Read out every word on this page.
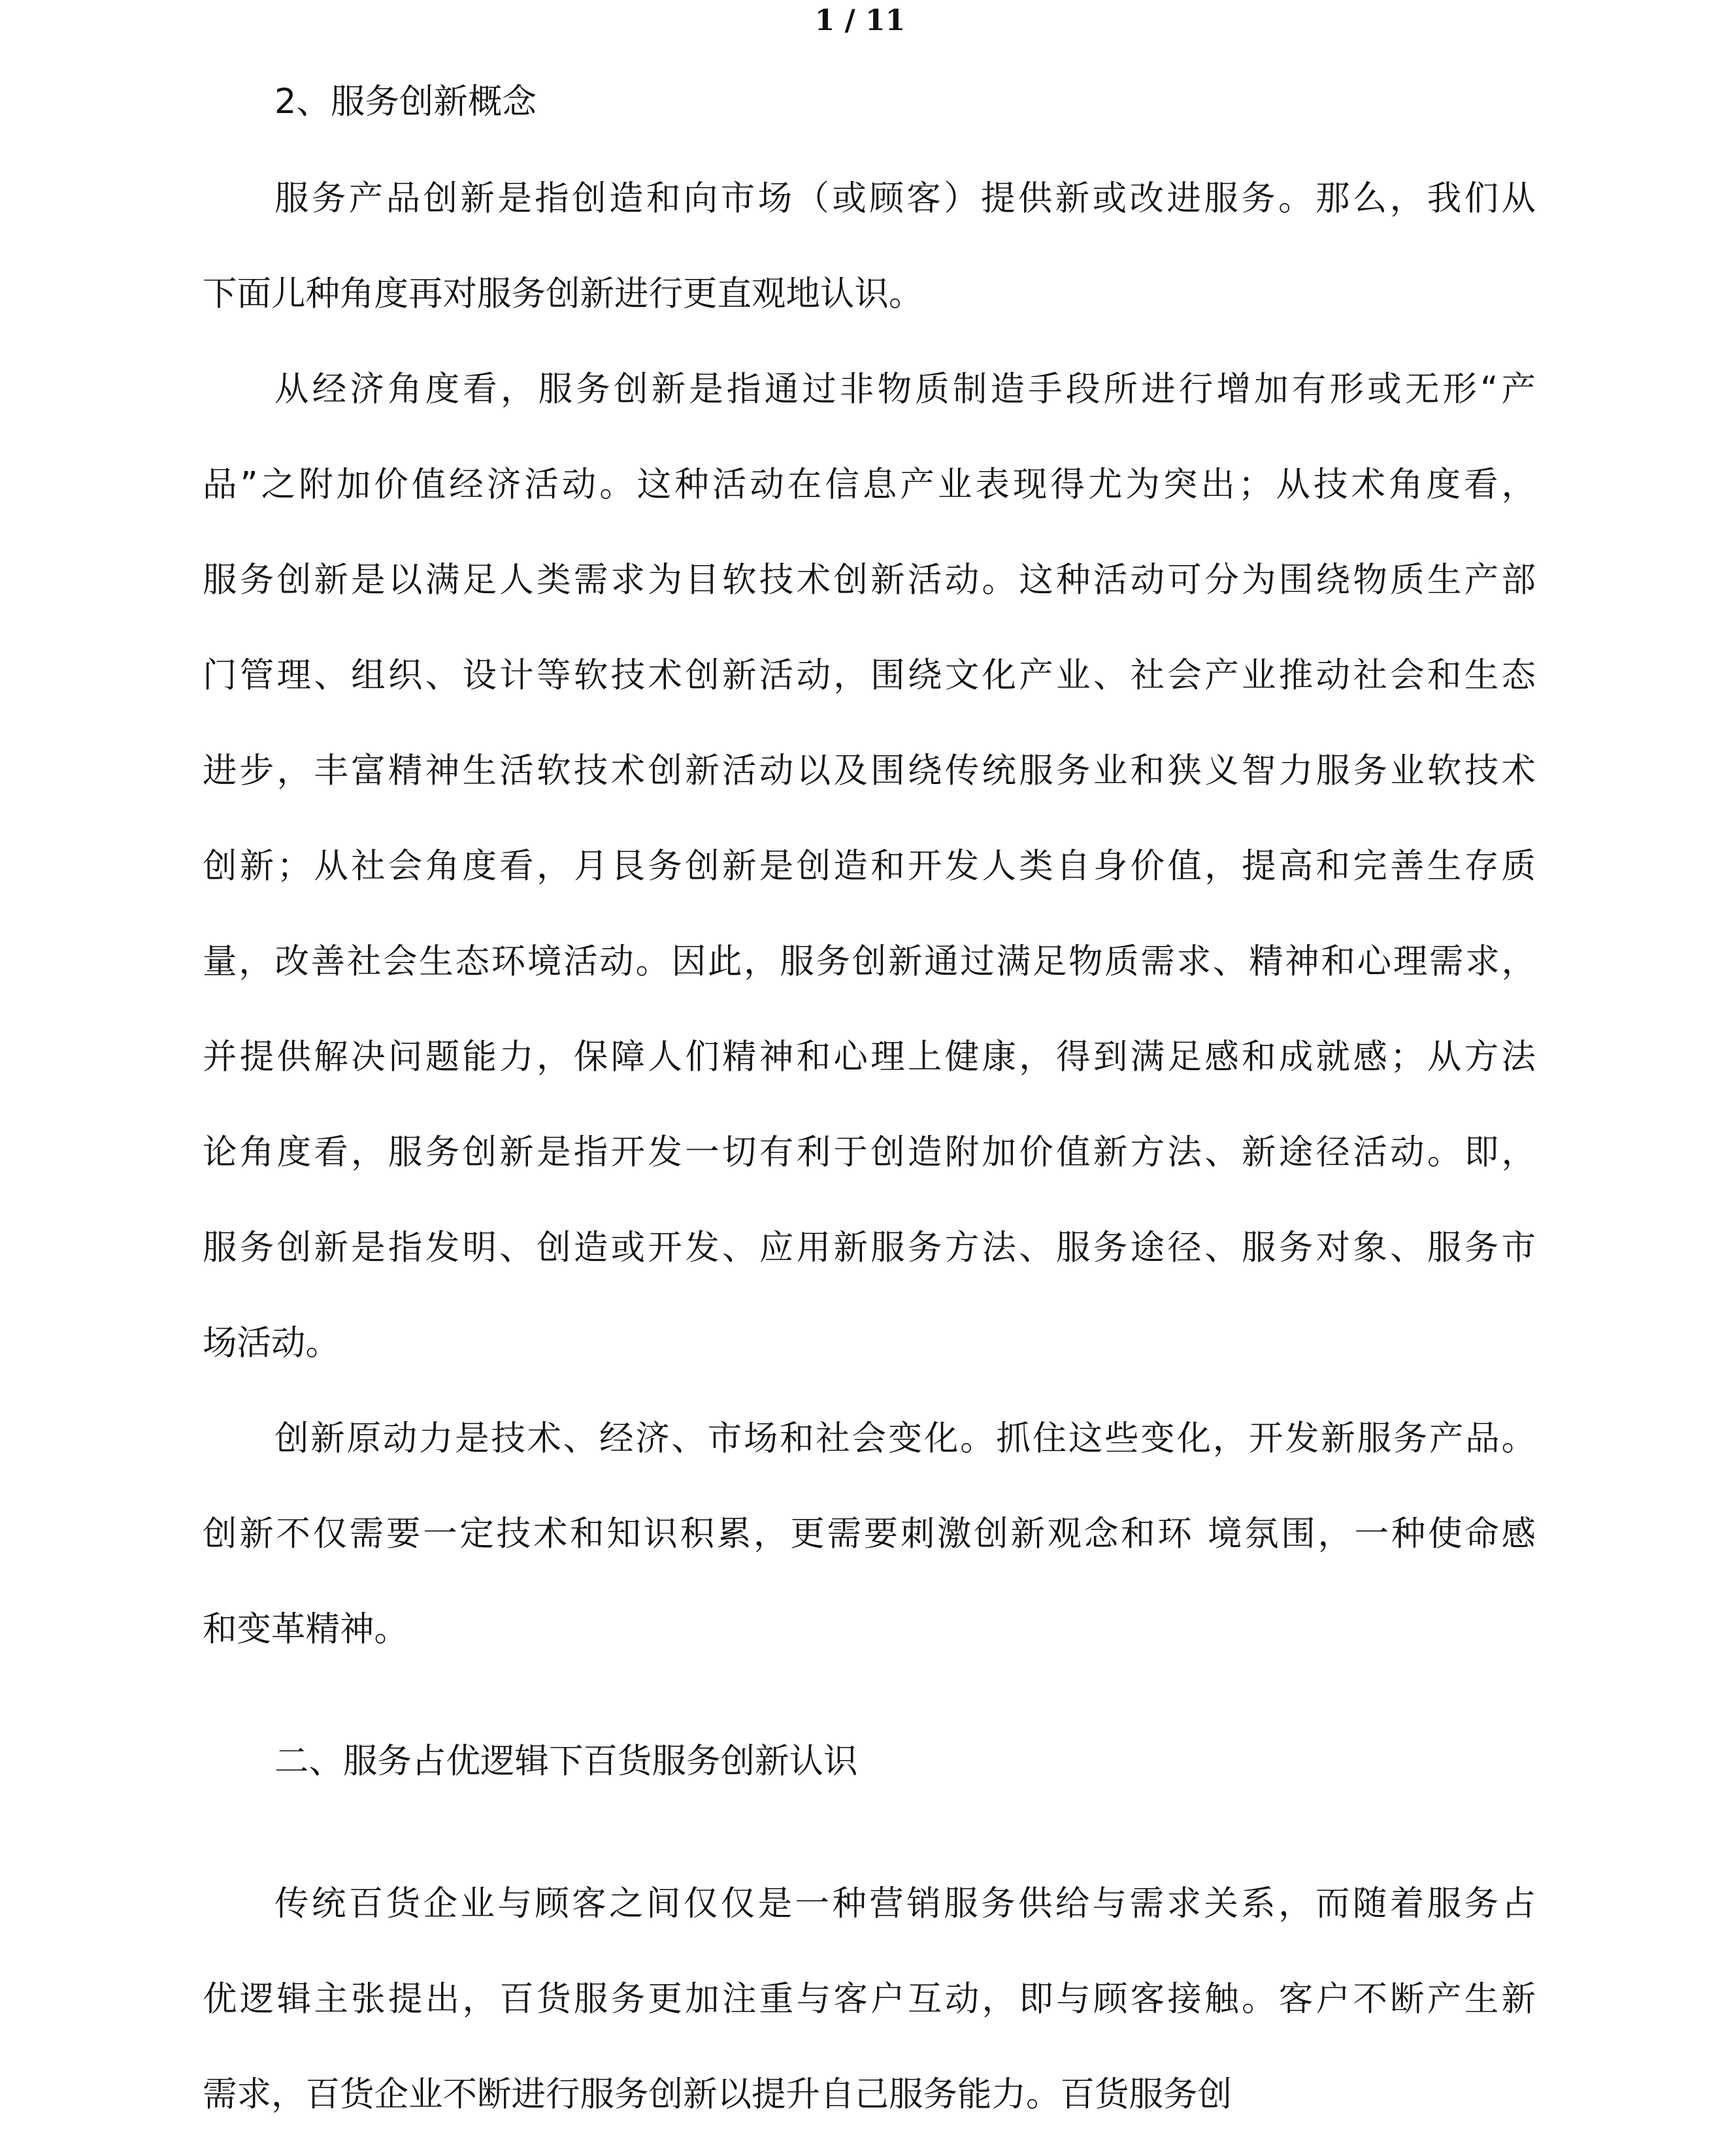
1 / 11
2、服务创新概念
服务产品创新是指创造和向市场（或顾客）提供新或改进服务。那么，我们从
下面儿种角度再对服务创新进行更直观地认识。
从经济角度看，服务创新是指通过非物质制造手段所进行增加有形或无形“产
品”之附加价值经济活动。这种活动在信息产业表现得尤为突出；从技术角度看，
服务创新是以满足人类需求为目软技术创新活动。这种活动可分为围绕物质生产部
门管理、组织、设计等软技术创新活动，围绕文化产业、社会产业推动社会和生态
进步，丰富精神生活软技术创新活动以及围绕传统服务业和狭义智力服务业软技术
创新；从社会角度看，月艮务创新是创造和开发人类自身价值，提高和完善生存质
量，改善社会生态环境活动。因此，服务创新通过满足物质需求、精神和心理需求，
并提供解决问题能力，保障人们精神和心理上健康，得到满足感和成就感；从方法
论角度看，服务创新是指开发一切有利于创造附加价值新方法、新途径活动。即，
服务创新是指发明、创造或开发、应用新服务方法、服务途径、服务对象、服务市
场活动。
创新原动力是技术、经济、市场和社会变化。抓住这些变化，开发新服务产品。
创新不仅需要一定技术和知识积累，更需要刺激创新观念和环 境氛围，一种使命感
和变革精神。
二、服务占优逻辑下百货服务创新认识
传统百货企业与顾客之间仅仅是一种营销服务供给与需求关系，而随着服务占
优逻辑主张提出，百货服务更加注重与客户互动，即与顾客接触。客户不断产生新
需求，百货企业不断进行服务创新以提升自己服务能力。百货服务创
